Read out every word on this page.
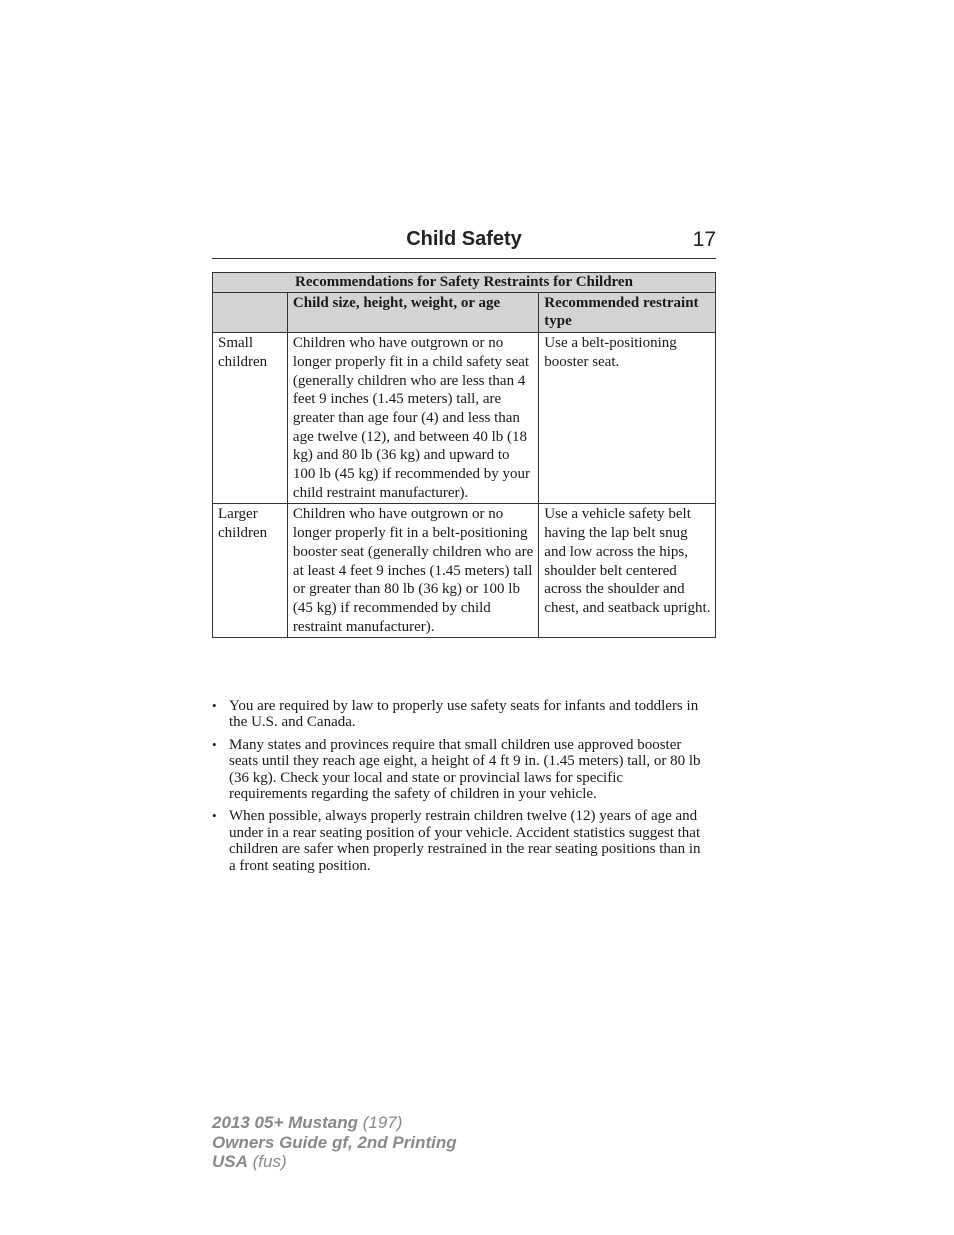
Child Safety	17
Recommendations for Safety Restraints for Children		
	Child size, height, weight, or age	Recommended restraint type
Small children	Children who have outgrown or no longer properly fit in a child safety seat (generally children who are less than 4 feet 9 inches (1.45 meters) tall, are greater than age four (4) and less than age twelve (12), and between 40 lb (18 kg) and 80 lb (36 kg) and upward to 100 lb (45 kg) if recommended by your child restraint manufacturer).	Use a belt-positioning booster seat.
Larger children	Children who have outgrown or no longer properly fit in a belt-positioning booster seat (generally children who are at least 4 feet 9 inches (1.45 meters) tall or greater than 80 lb (36 kg) or 100 lb (45 kg) if recommended by child restraint manufacturer).	Use a vehicle safety belt having the lap belt snug and low across the hips, shoulder belt centered across the shoulder and chest, and seatback upright.
• You are required by law to properly use safety seats for infants and toddlers in the U.S. and Canada.
• Many states and provinces require that small children use approved booster seats until they reach age eight, a height of 4 ft 9 in. (1.45 meters) tall, or 80 lb (36 kg). Check your local and state or provincial laws for specific requirements regarding the safety of children in your vehicle.
• When possible, always properly restrain children twelve (12) years of age and under in a rear seating position of your vehicle. Accident statistics suggest that children are safer when properly restrained in the rear seating positions than in a front seating position.
2013 05+ Mustang (197)
Owners Guide gf, 2nd Printing
USA (fus)
